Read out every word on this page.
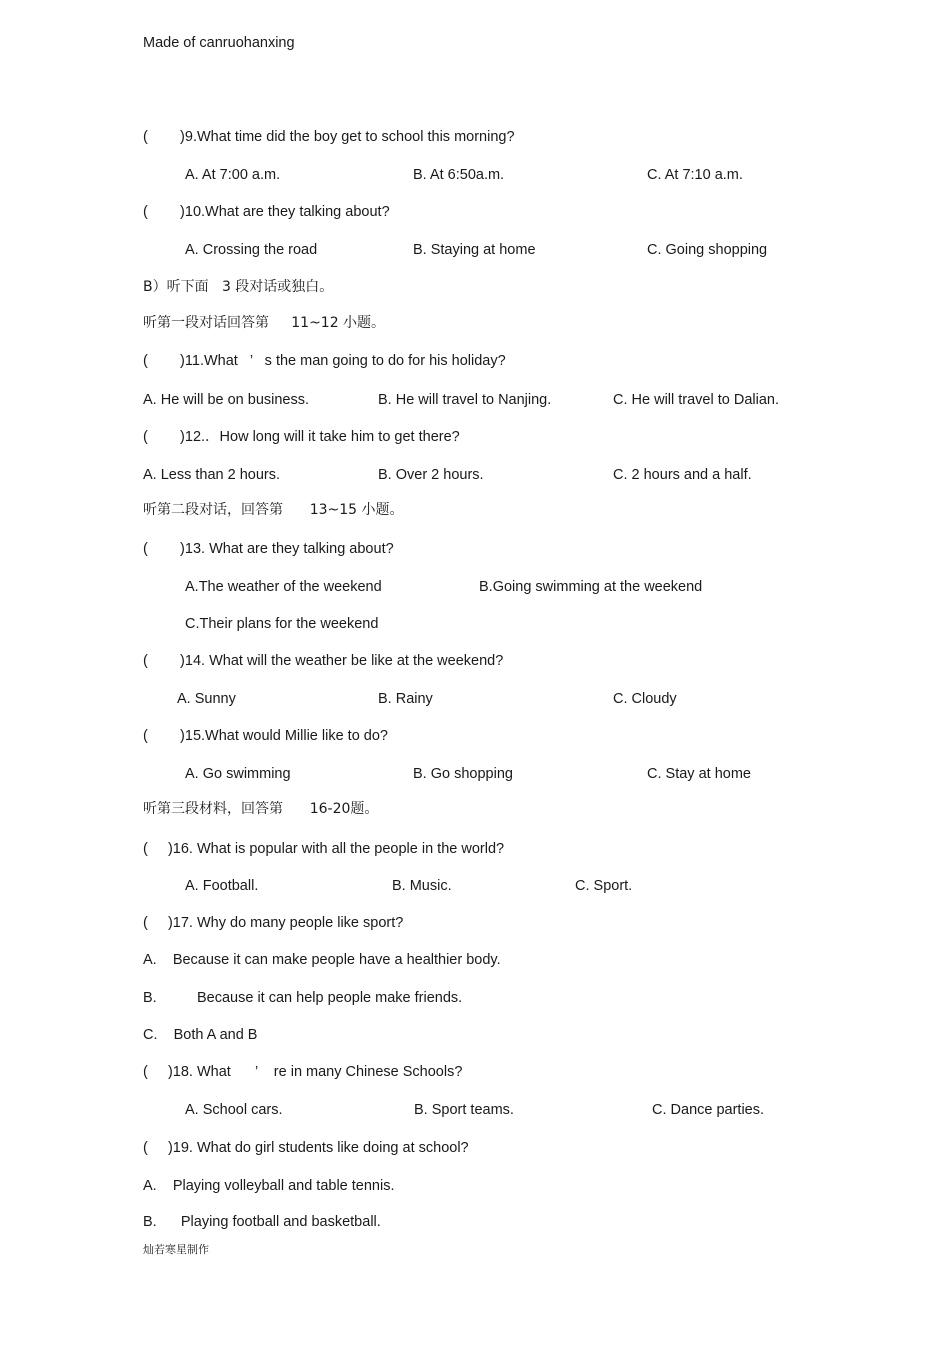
Made of canruohanxing
(        )9.What time did the boy get to school this morning?
A. At 7:00 a.m.	B. At 6:50a.m.	C. At 7:10 a.m.
(        )10.What are they talking about?
A. Crossing the road	B. Staying at home	C. Going shopping
B）听下面   3 段对话或独白。
听第一段对话回答第     11~12 小题。
(        )11.What   ’   s the man going to do for his holiday?
A. He will be on business.	B. He will travel to Nanjing.	C. He will travel to Dalian.
(        )12.．How long will it take him to get there?
A. Less than 2 hours.	B. Over 2 hours.	C. 2 hours and a half.
听第二段对话，回答第      13~15 小题。
(        )13. What are they talking about?
A.The weather of the weekend	B.Going swimming at the weekend
C.Their plans for the weekend
(        )14. What will the weather be like at the weekend?
A. Sunny	B. Rainy	C. Cloudy
(        )15.What would Millie like to do?
A. Go swimming	B. Go shopping	C. Stay at home
听第三段材料，回答第      16-20题。
(     )16. What is popular with all the people in the world?
A. Football.	B. Music.	C. Sport.
(     )17. Why do many people like sport?
A.    Because it can make people have a healthier body.
B.          Because it can help people make friends.
C.    Both A and B
(     )18. What      ’    re in many Chinese Schools?
A. School cars.	B. Sport teams.	C. Dance parties.
(     )19. What do girl students like doing at school?
A.    Playing volleyball and table tennis.
B.      Playing football and basketball.
灿若寒星制作
